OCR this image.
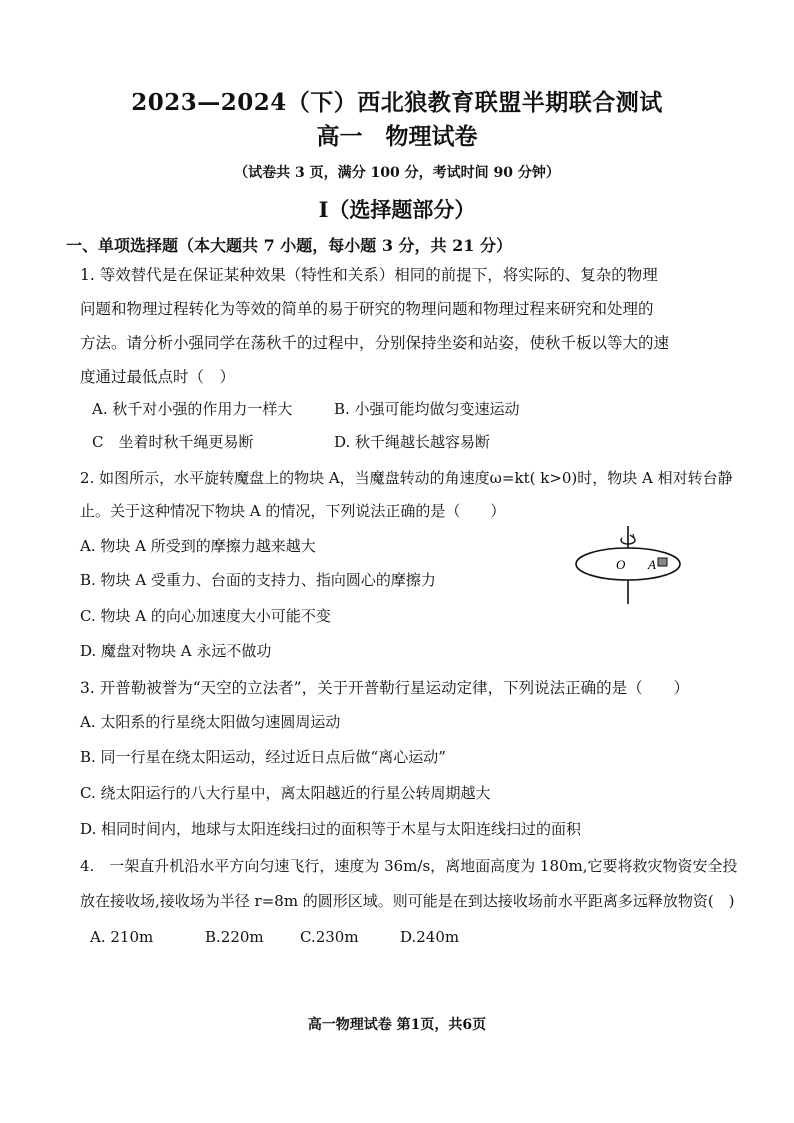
2023—2024（下）西北狼教育联盟半期联合测试
高一　物理试卷
（试卷共 3 页，满分 100 分，考试时间 90 分钟）
Ⅰ（选择题部分）
一、单项选择题（本大题共 7 小题，每小题 3 分，共 21 分）
1. 等效替代是在保证某种效果（特性和关系）相同的前提下，将实际的、复杂的物理
问题和物理过程转化为等效的简单的易于研究的物理问题和物理过程来研究和处理的
方法。请分析小强同学在荡秋千的过程中，分别保持坐姿和站姿，使秋千板以等大的速
度通过最低点时（　）
A. 秋千对小强的作用力一样大	B. 小强可能均做匀变速运动
C　坐着时秋千绳更易断	D. 秋千绳越长越容易断
2. 如图所示，水平旋转魔盘上的物块 A，当魔盘转动的角速度ω=kt( k>0)时，物块 A 相对转台静
止。关于这种情况下物块 A 的情况，下列说法正确的是（　　）
A. 物块 A 所受到的摩擦力越来越大
B. 物块 A 受重力、台面的支持力、指向圆心的摩擦力
C. 物块 A 的向心加速度大小可能不变
D. 魔盘对物块 A 永远不做功
O A
3. 开普勒被誉为“天空的立法者”，关于开普勒行星运动定律，下列说法正确的是（　　）
A. 太阳系的行星绕太阳做匀速圆周运动
B. 同一行星在绕太阳运动，经过近日点后做“离心运动”
C. 绕太阳运行的八大行星中，离太阳越近的行星公转周期越大
D. 相同时间内，地球与太阳连线扫过的面积等于木星与太阳连线扫过的面积
4.　一架直升机沿水平方向匀速飞行，速度为 36m/s，离地面高度为 180m,它要将救灾物资安全投
放在接收场,接收场为半径 r=8m 的圆形区域。则可能是在到达接收场前水平距离多远释放物资(　)
A. 210m	B.220m C.230m	D.240m
高一物理试卷 第1页，共6页
